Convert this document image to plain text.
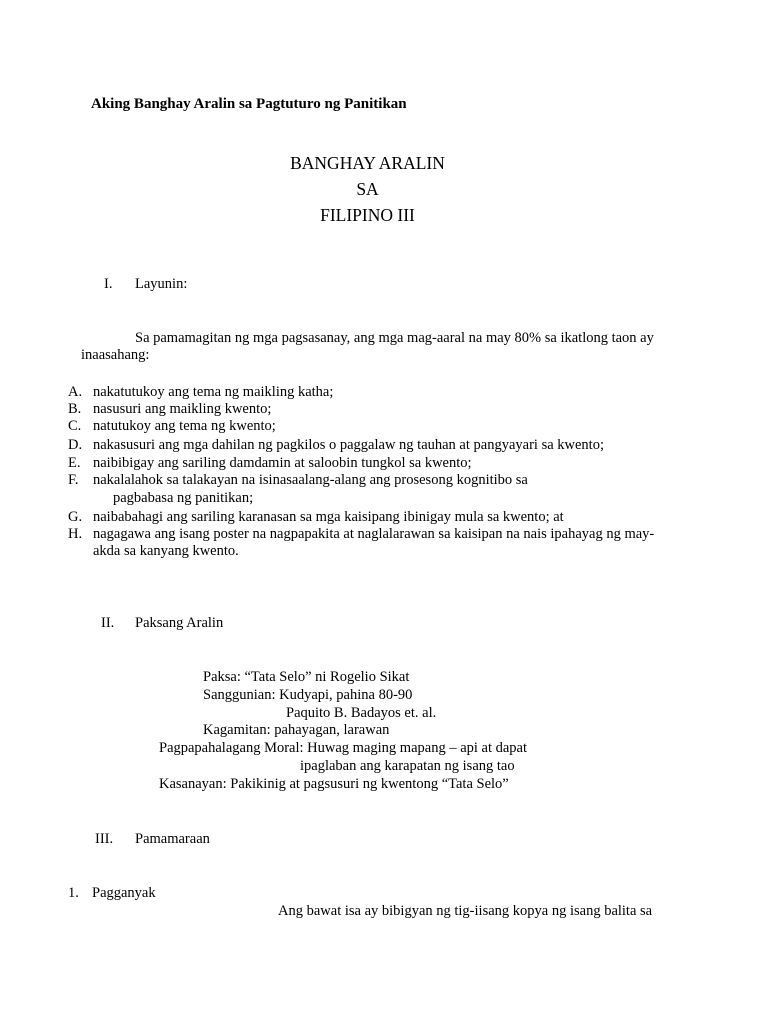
Aking Banghay Aralin sa Pagtuturo ng Panitikan
BANGHAY ARALIN
SA
FILIPINO III
I. Layunin:
Sa pamamagitan ng mga pagsasanay, ang mga mag-aaral na may 80% sa ikatlong taon ay
inaasahang:
A. nakatutukoy ang tema ng maikling katha;
B. nasusuri ang maikling kwento;
C. natutukoy ang tema ng kwento;
D. nakasusuri ang mga dahilan ng pagkilos o paggalaw ng tauhan at pangyayari sa kwento;
E. naibibigay ang sariling damdamin at saloobin tungkol sa kwento;
F. nakalalahok sa talakayan na isinasaalang-alang ang prosesong kognitibo sa
pagbabasa ng panitikan;
G. naibabahagi ang sariling karanasan sa mga kaisipang ibinigay mula sa kwento; at
H. nagagawa ang isang poster na nagpapakita at naglalarawan sa kaisipan na nais ipahayag ng may-
akda sa kanyang kwento.
II. Paksang Aralin
Paksa: “Tata Selo” ni Rogelio Sikat
Sanggunian: Kudyapi, pahina 80-90
Paquito B. Badayos et. al.
Kagamitan: pahayagan, larawan
Pagpapahalagang Moral: Huwag maging mapang – api at dapat
ipaglaban ang karapatan ng isang tao
Kasanayan: Pakikinig at pagsusuri ng kwentong “Tata Selo”
III. Pamamaraan
1. Pagganyak
Ang bawat isa ay bibigyan ng tig-iisang kopya ng isang balita sa
